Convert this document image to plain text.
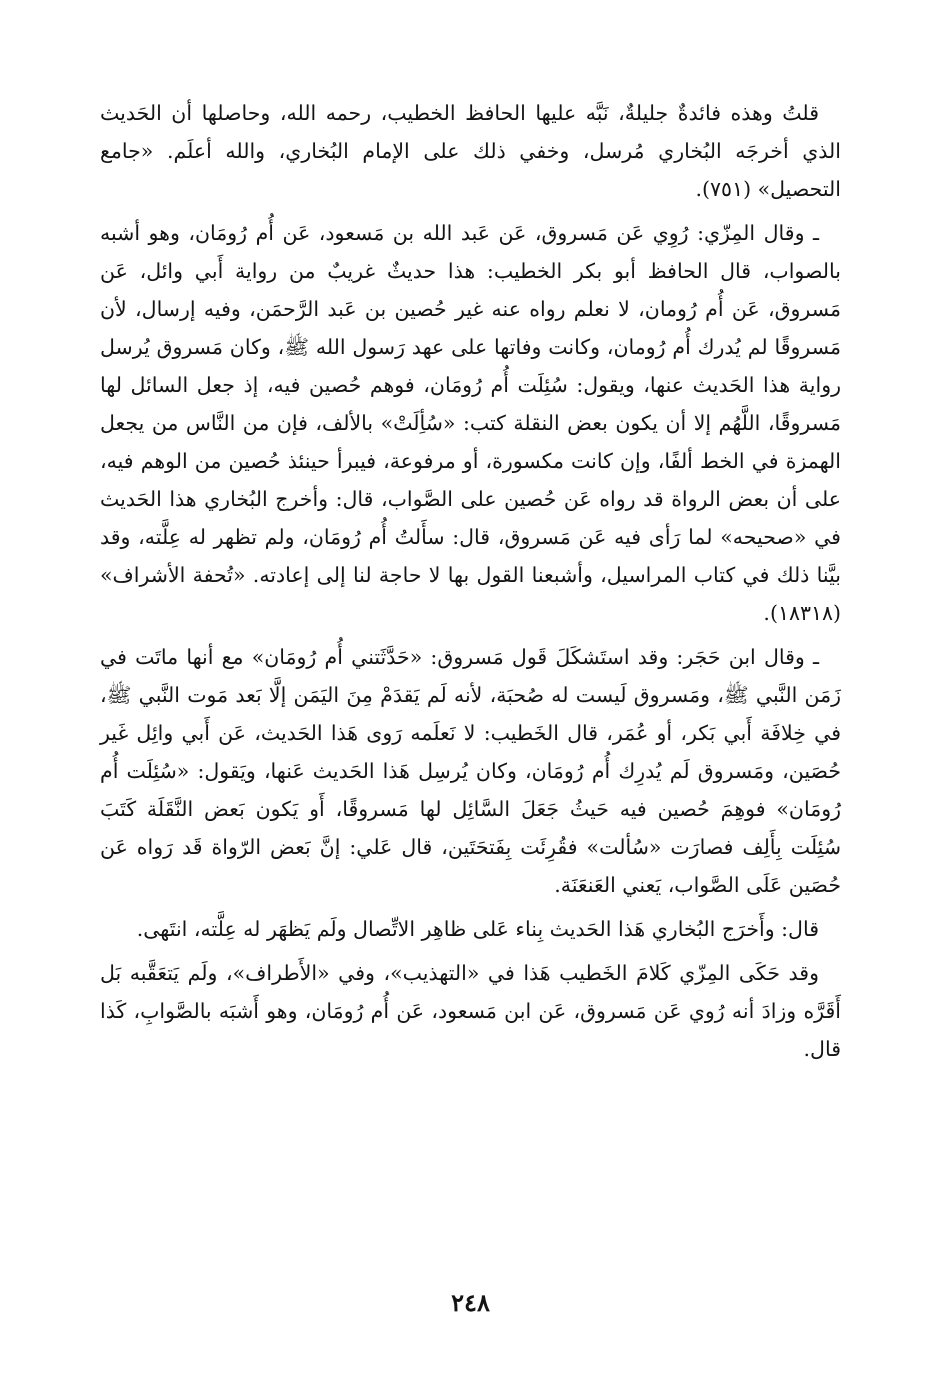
قلتُ وهذه فائدةٌ جليلةٌ، نَبَّه عليها الحافظ الخطيب، رحمه الله، وحاصلها أن الحَديث الذي أخرجَه البُخاري مُرسل، وخفي ذلك على الإمام البُخاري، والله أعلَم. «جامع التحصيل» (٧٥١).

ـ وقال المِزّي: رُوِي عَن مَسروق، عَن عَبد الله بن مَسعود، عَن أُم رُومَان، وهو أشبه بالصواب، قال الحافظ أبو بكر الخطيب: هذا حديثٌ غريبٌ من رواية أَبي وائل، عَن مَسروق، عَن أُم رُومان، لا نعلم رواه عنه غير حُصين بن عَبد الرَّحمَن، وفيه إرسال، لأن مَسروقًا لم يُدرك أُم رُومان، وكانت وفاتها على عهد رَسول الله ﷺ، وكان مَسروق يُرسل رواية هذا الحَديث عنها، ويقول: سُئِلَت أُم رُومَان، فوهم حُصين فيه، إذ جعل السائل لها مَسروقًا، اللَّهُم إلا أن يكون بعض النقلة كتب: «سُأِلَتْ» بالألف، فإن من النَّاس من يجعل الهمزة في الخط ألفًا، وإن كانت مكسورة، أو مرفوعة، فيبرأ حينئذ حُصين من الوهم فيه، على أن بعض الرواة قد رواه عَن حُصين على الصَّواب، قال: وأخرج البُخاري هذا الحَديث في «صحيحه» لما رَأى فيه عَن مَسروق، قال: سأَلتُ أُم رُومَان، ولم تظهر له عِلَّته، وقد بيَّنا ذلك في كتاب المراسيل، وأشبعنا القول بها لا حاجة لنا إلى إعادته. «تُحفة الأشراف» (١٨٣١٨).

ـ وقال ابن حَجَر: وقد استَشكَلَ قَول مَسروق: «حَدَّثَتني أُم رُومَان» مع أنها ماتَت في زَمَن النَّبي ﷺ، ومَسروق لَيست له صُحبَة، لأنه لَم يَقدَمْ مِنَ اليَمَن إلَّا بَعد مَوت النَّبي ﷺ، في خِلافَة أَبي بَكر، أو عُمَر، قال الخَطيب: لا نَعلَمه رَوى هَذا الحَديث، عَن أَبي وائِل غَير حُصَين، ومَسروق لَم يُدرِك أُم رُومَان، وكان يُرسِل هَذا الحَديث عَنها، ويَقول: «سُئِلَت أُم رُومَان» فوهِمَ حُصين فيه حَيثُ جَعَلَ السَّائِل لها مَسروقًا، أَو يَكون بَعض النَّقَلَة كَتَبَ سُئِلَت بِأَلِف فصارَت «سُألت» فقُرِئَت بِفَتحَتَين، قال عَلي: إنَّ بَعض الرّواة قَد رَواه عَن حُصَين عَلَى الصَّواب، يَعني العَنعَنَة.

قال: وأَخرَج البُخاري هَذا الحَديث بِناء عَلى ظاهِر الاتِّصال ولَم يَظهَر له عِلَّته، انتَهى.

وقد حَكَى المِزّي كَلامَ الخَطيب هَذا في «التهذيب»، وفي «الأَطراف»، ولَم يَتعَقَّبه بَل أَقَرَّه وزادَ أنه رُوي عَن مَسروق، عَن ابن مَسعود، عَن أُم رُومَان، وهو أَشبَه بالصَّوابِ، كَذا قال.

٢٤٨
